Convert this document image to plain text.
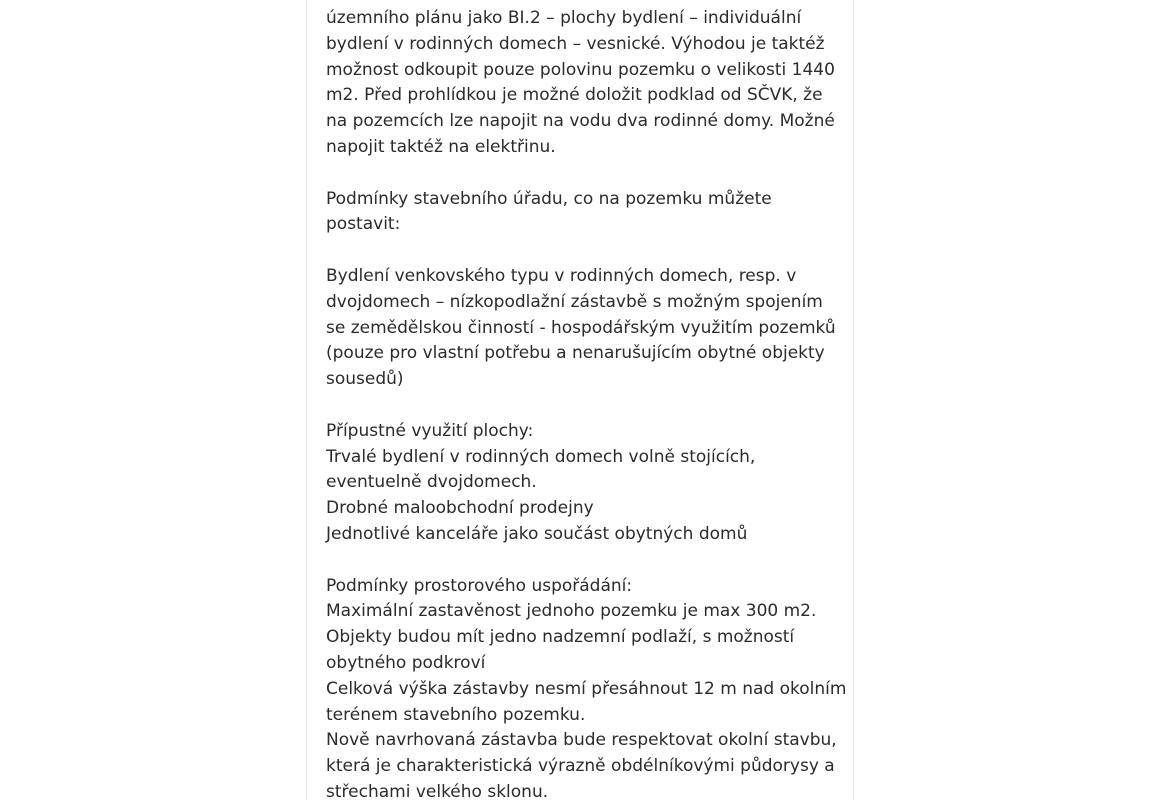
územního plánu jako BI.2 – plochy bydlení – individuální
bydlení v rodinných domech – vesnické. Výhodou je taktéž
možnost odkoupit pouze polovinu pozemku o velikosti 1440
m2. Před prohlídkou je možné doložit podklad od SČVK, že
na pozemcích lze napojit na vodu dva rodinné domy. Možné
napojit taktéž na elektřinu.
Podmínky stavebního úřadu, co na pozemku můžete
postavit:
Bydlení venkovského typu v rodinných domech, resp. v
dvojdomech – nízkopodlažní zástavbě s možným spojením
se zemědělskou činností - hospodářským využitím pozemků
(pouze pro vlastní potřebu a nenarušujícím obytné objekty
sousedů)
Přípustné využití plochy:
Trvalé bydlení v rodinných domech volně stojících,
eventuelně dvojdomech.
Drobné maloobchodní prodejny
Jednotlivé kanceláře jako součást obytných domů
Podmínky prostorového uspořádání:
Maximální zastavěnost jednoho pozemku je max 300 m2.
Objekty budou mít jedno nadzemní podlaží, s možností
obytného podkroví
Celková výška zástavby nesmí přesáhnout 12 m nad okolním
terénem stavebního pozemku.
Nově navrhovaná zástavba bude respektovat okolní stavbu,
která je charakteristická výrazně obdélníkovými půdorysy a
střechami velkého sklonu.
